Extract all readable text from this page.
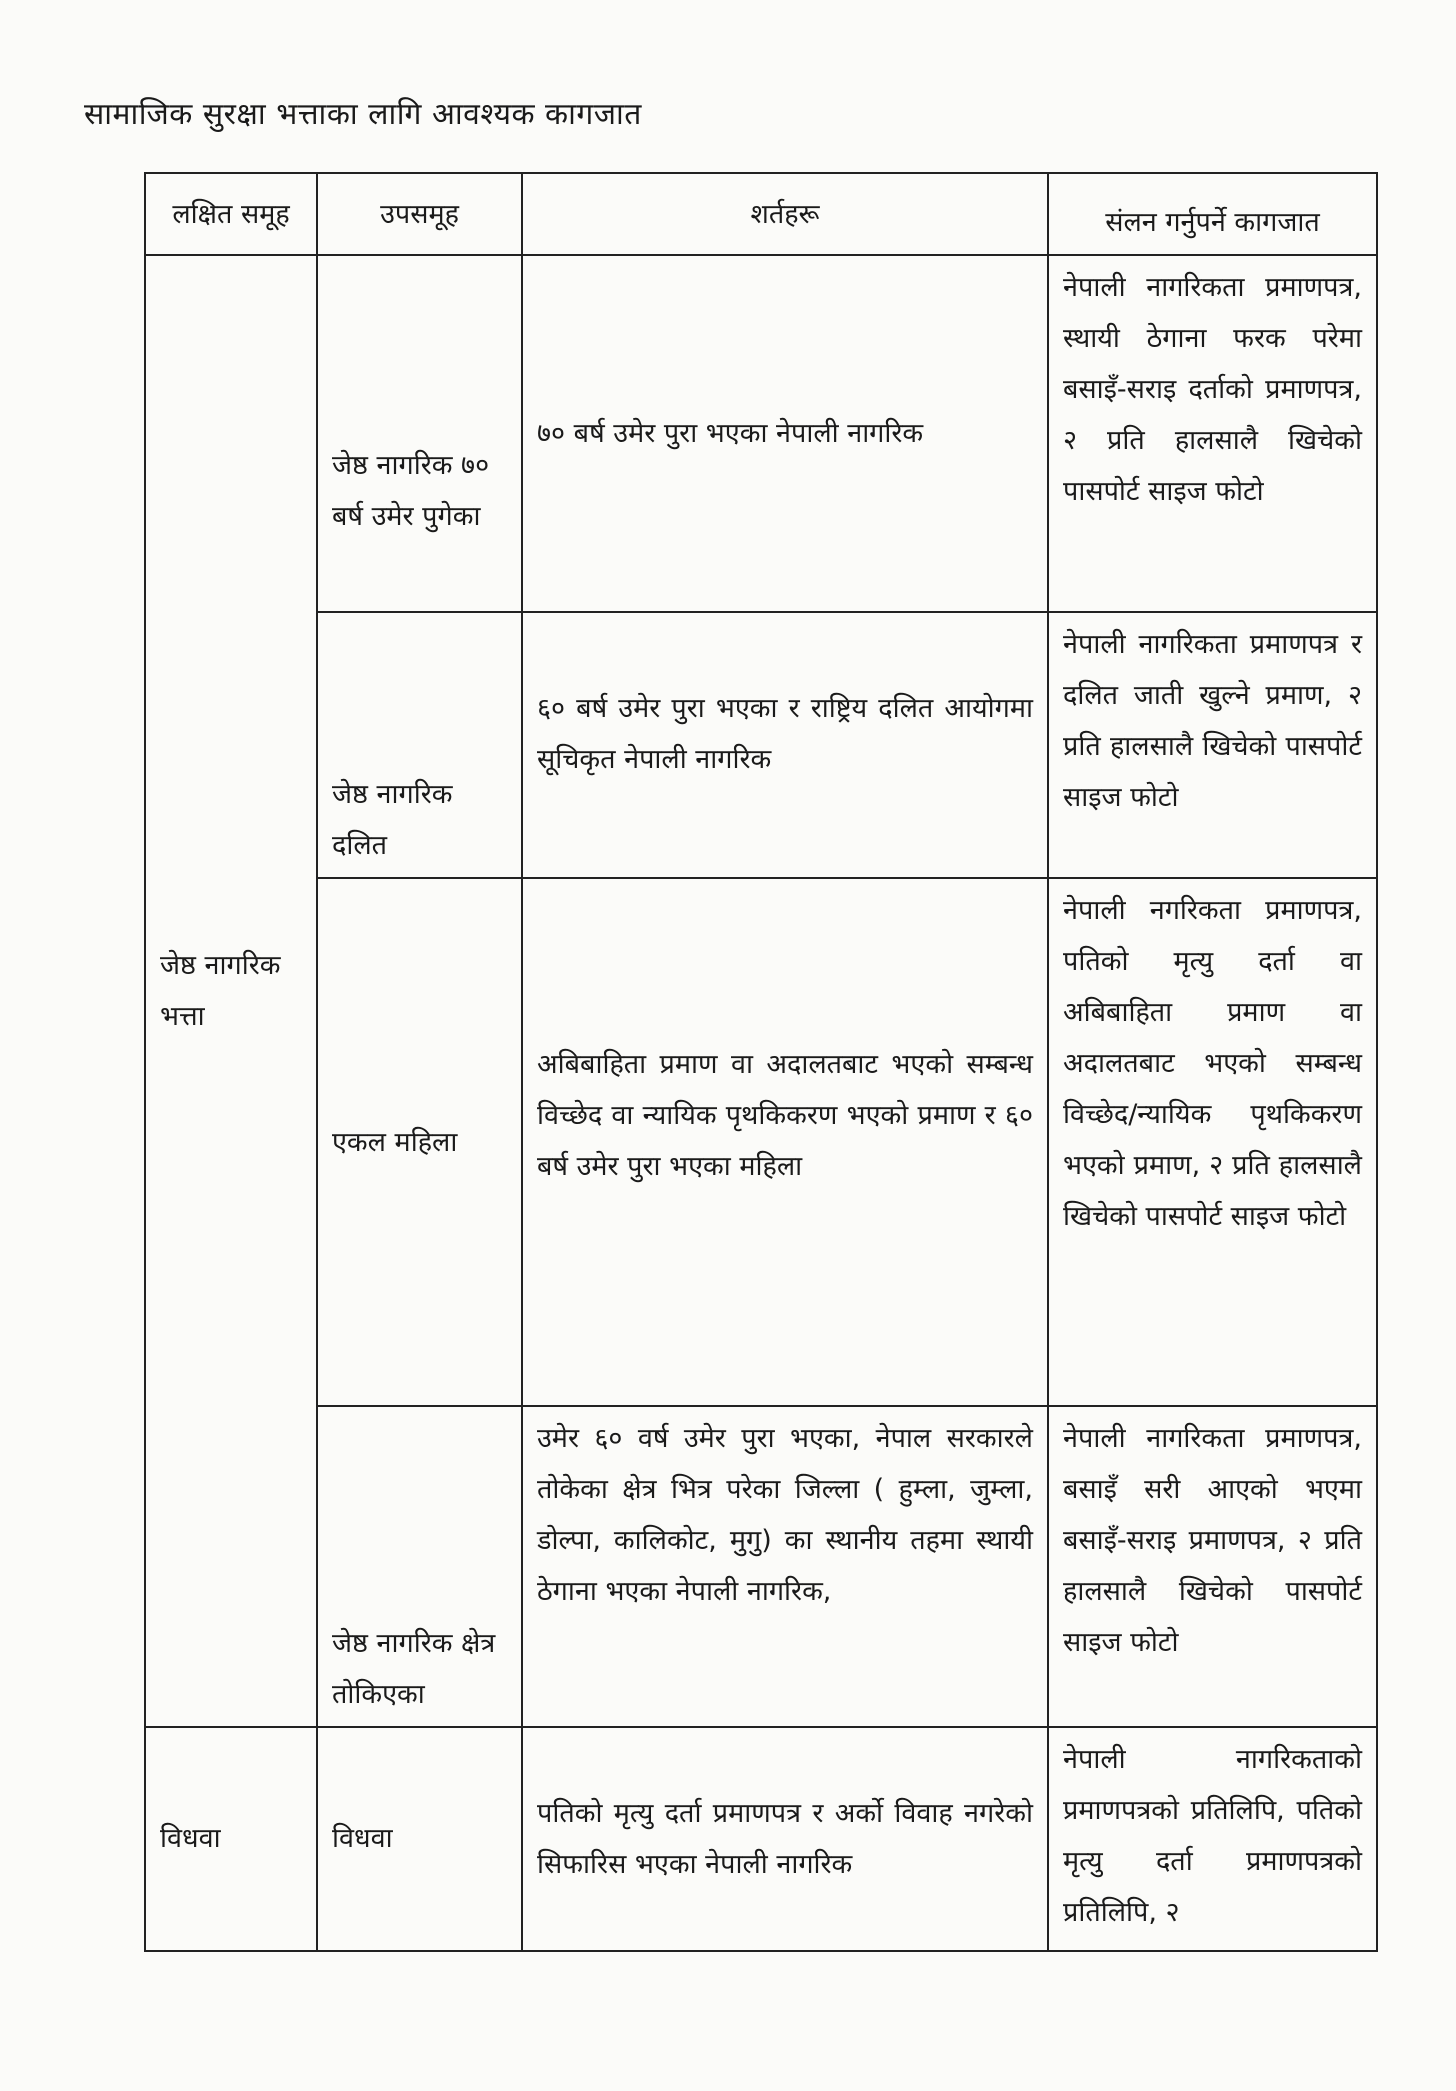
सामाजिक सुरक्षा भत्ताका लागि आवश्यक कागजात
लक्षित समूह	उपसमूह	शर्तहरू	संलन गर्नुपर्ने कागजात
जेष्ठ नागरिक भत्ता	जेष्ठ नागरिक ७० बर्ष उमेर पुगेका	७० बर्ष उमेर पुरा भएका नेपाली नागरिक	नेपाली नागरिकता प्रमाणपत्र, स्थायी ठेगाना फरक परेमा बसाइँ-सराइ दर्ताको प्रमाणपत्र, २ प्रति हालसालै खिचेको पासपोर्ट साइज फोटो
	जेष्ठ नागरिक दलित	६० बर्ष उमेर पुरा भएका र राष्ट्रिय दलित आयोगमा सूचिकृत नेपाली नागरिक	नेपाली नागरिकता प्रमाणपत्र र दलित जाती खुल्ने प्रमाण, २ प्रति हालसालै खिचेको पासपोर्ट साइज फोटो
	एकल महिला	अबिबाहिता प्रमाण वा अदालतबाट भएको सम्बन्ध विच्छेद वा न्यायिक पृथकिकरण भएको प्रमाण र ६० बर्ष उमेर पुरा भएका महिला	नेपाली नगरिकता प्रमाणपत्र, पतिको मृत्यु दर्ता वा अबिबाहिता प्रमाण वा अदालतबाट भएको सम्बन्ध विच्छेद/न्यायिक पृथकिकरण भएको प्रमाण, २ प्रति हालसालै खिचेको पासपोर्ट साइज फोटो
	जेष्ठ नागरिक क्षेत्र तोकिएका	उमेर ६० वर्ष उमेर पुरा भएका, नेपाल सरकारले तोकेका क्षेत्र भित्र परेका जिल्ला ( हुम्ला, जुम्ला, डोल्पा, कालिकोट, मुगु) का स्थानीय तहमा स्थायी ठेगाना भएका नेपाली नागरिक,	नेपाली नागरिकता प्रमाणपत्र, बसाइँ सरी आएको भएमा बसाइँ-सराइ प्रमाणपत्र, २ प्रति हालसालै खिचेको पासपोर्ट साइज फोटो
विधवा	विधवा	पतिको मृत्यु दर्ता प्रमाणपत्र र अर्को विवाह नगरेको सिफारिस भएका नेपाली नागरिक	नेपाली नागरिकताको प्रमाणपत्रको प्रतिलिपि, पतिको मृत्यु दर्ता प्रमाणपत्रको प्रतिलिपि, २
